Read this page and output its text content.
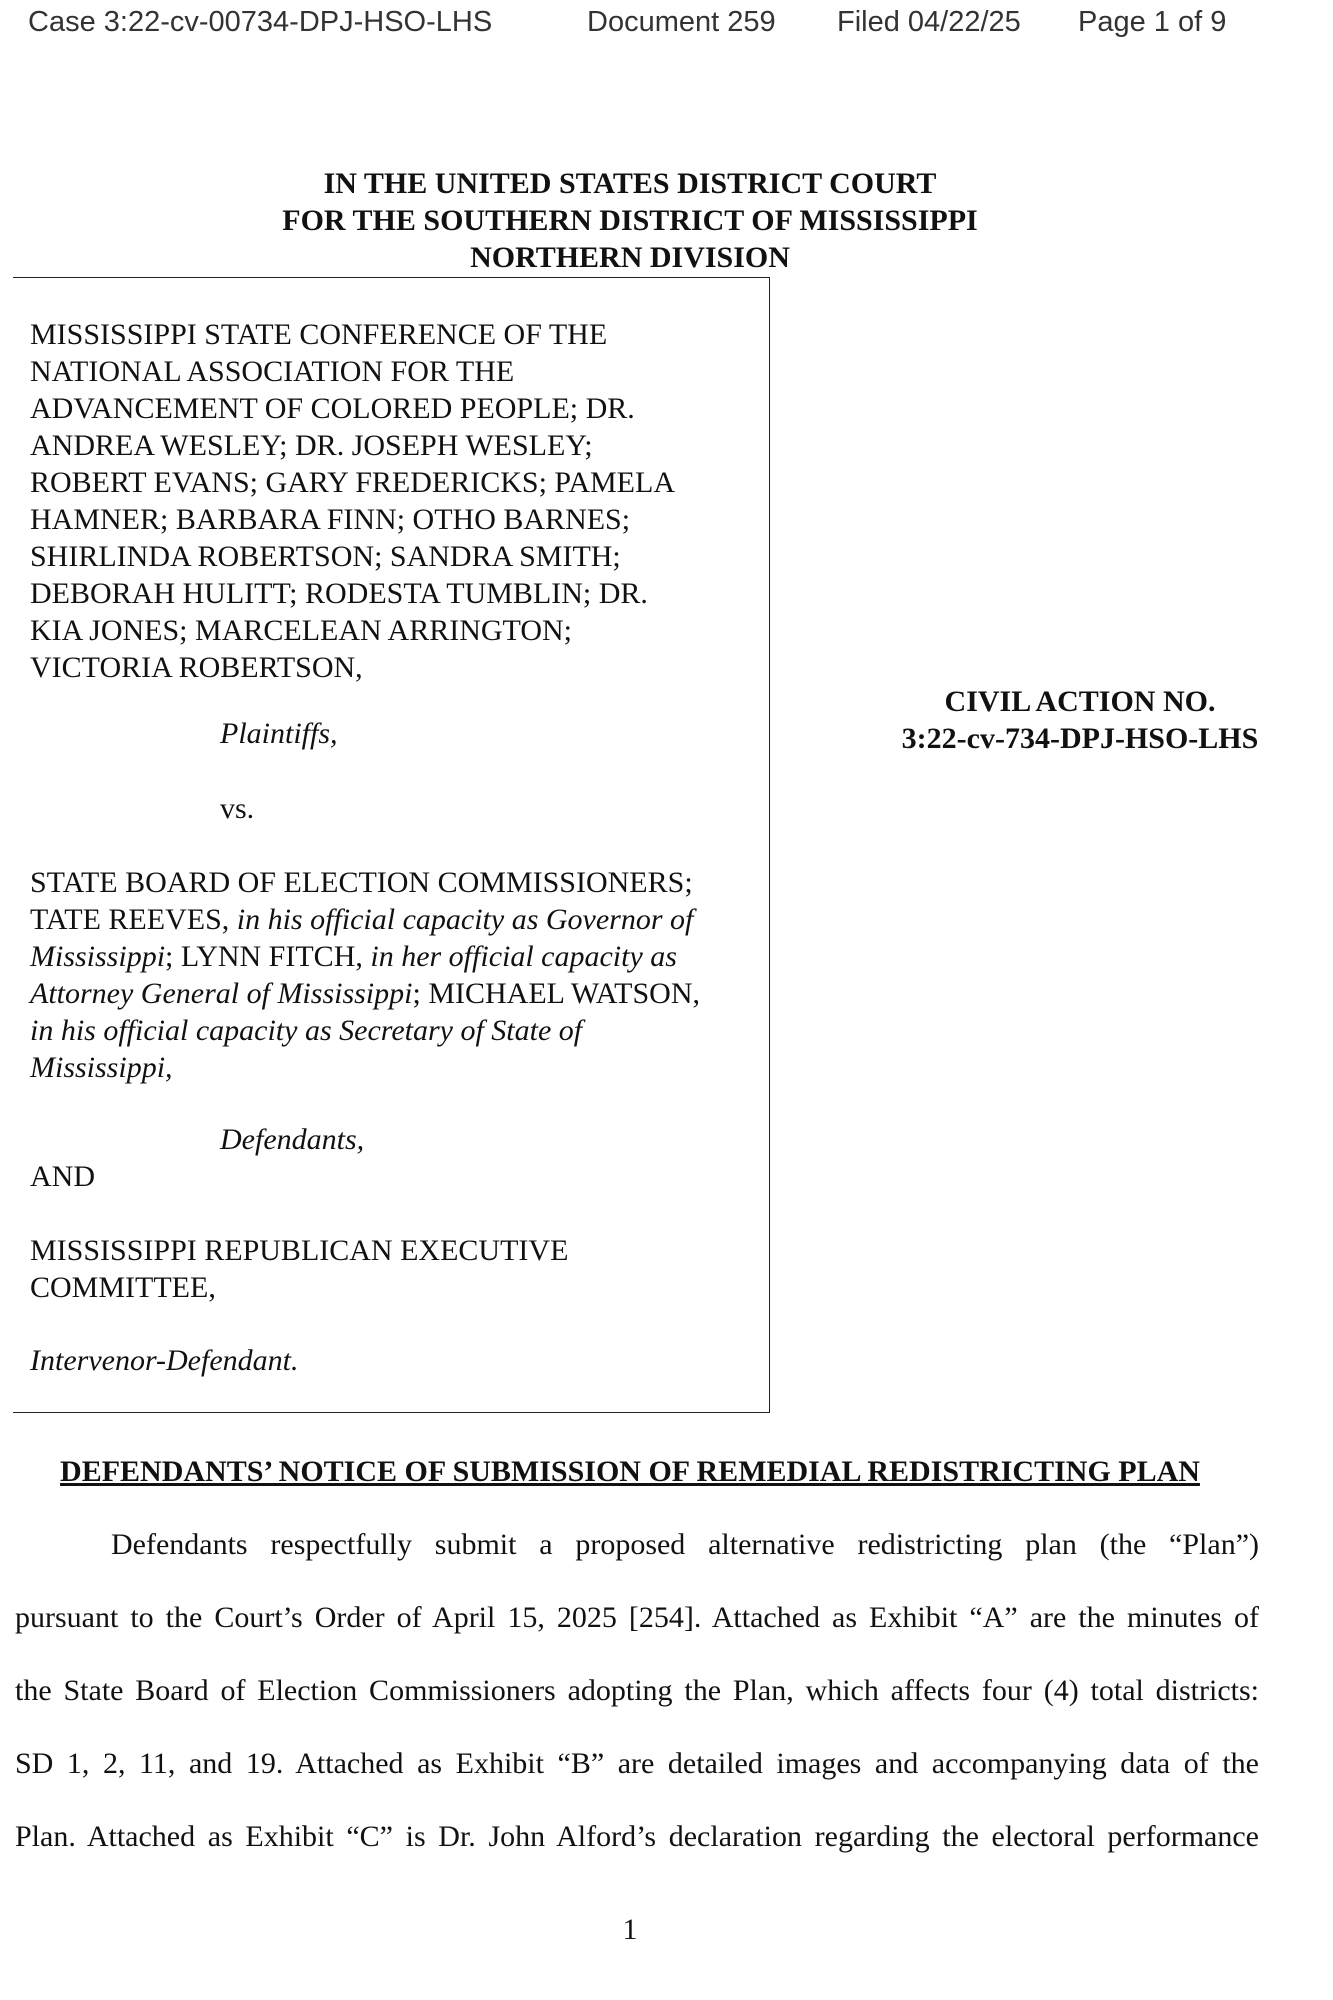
Case 3:22-cv-00734-DPJ-HSO-LHS	Document 259 Filed 04/22/25 Page 1 of 9
IN THE UNITED STATES DISTRICT COURT
FOR THE SOUTHERN DISTRICT OF MISSISSIPPI
NORTHERN DIVISION
MISSISSIPPI STATE CONFERENCE OF THE
NATIONAL ASSOCIATION FOR THE
ADVANCEMENT OF COLORED PEOPLE; DR.
ANDREA WESLEY; DR. JOSEPH WESLEY;
ROBERT EVANS; GARY FREDERICKS; PAMELA
HAMNER; BARBARA FINN; OTHO BARNES;
SHIRLINDA ROBERTSON; SANDRA SMITH;
DEBORAH HULITT; RODESTA TUMBLIN; DR.
KIA JONES; MARCELEAN ARRINGTON;
VICTORIA ROBERTSON,
Plaintiffs,
vs.
STATE BOARD OF ELECTION COMMISSIONERS;
TATE REEVES, in his official capacity as Governor of
Mississippi; LYNN FITCH, in her official capacity as
Attorney General of Mississippi; MICHAEL WATSON,
in his official capacity as Secretary of State of
Mississippi,
Defendants,
AND
MISSISSIPPI REPUBLICAN EXECUTIVE
COMMITTEE,
Intervenor-Defendant.
CIVIL ACTION NO.
3:22-cv-734-DPJ-HSO-LHS
DEFENDANTS’ NOTICE OF SUBMISSION OF REMEDIAL REDISTRICTING PLAN
Defendants respectfully submit a proposed alternative redistricting plan (the “Plan”)
pursuant to the Court’s Order of April 15, 2025 [254]. Attached as Exhibit “A” are the minutes of
the State Board of Election Commissioners adopting the Plan, which affects four (4) total districts:
SD 1, 2, 11, and 19. Attached as Exhibit “B” are detailed images and accompanying data of the
Plan. Attached as Exhibit “C” is Dr. John Alford’s declaration regarding the electoral performance
1
